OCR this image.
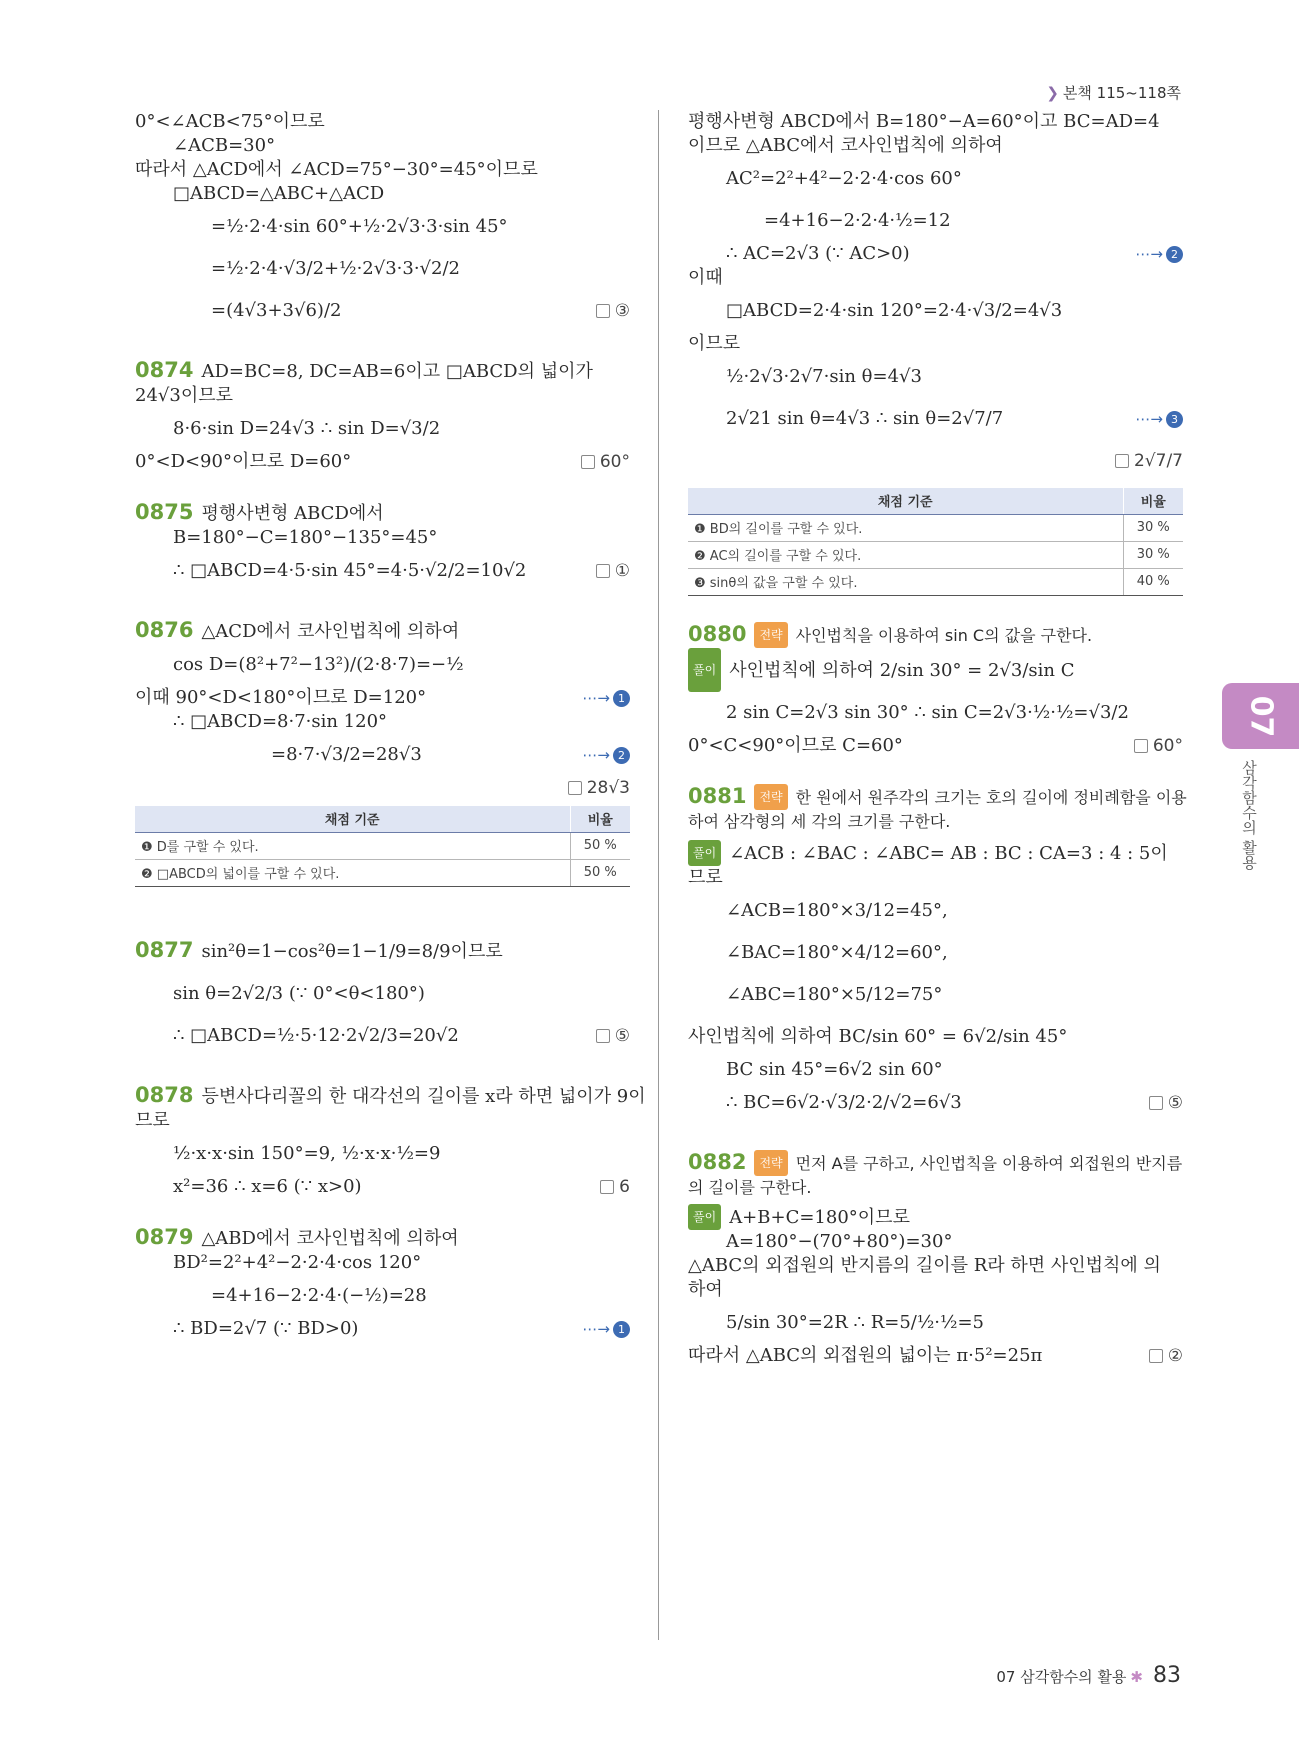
❯ 본책 115~118쪽
0°<∠ACB<75°이므로
∠ACB=30°
따라서 △ACD에서 ∠ACD=75°−30°=45°이므로
□ABCD=△ABC+△ACD
=½·2·4·sin 60°+½·2√3·3·sin 45°
=½·2·4·√3/2+½·2√3·3·√2/2
=(4√3+3√6)/2	③
0874 AD=BC=8, DC=AB=6이고 □ABCD의 넓이가
24√3이므로
8·6·sin D=24√3 ∴ sin D=√3/2
0°<D<90°이므로 D=60°	60°
0875 평행사변형 ABCD에서
B=180°−C=180°−135°=45°
∴ □ABCD=4·5·sin 45°=4·5·√2/2=10√2	①
0876 △ACD에서 코사인법칙에 의하여
cos D=(8²+7²−13²)/(2·8·7)=−½
이때 90°<D<180°이므로 D=120°	⋯→ 1
∴ □ABCD=8·7·sin 120°
=8·7·√3/2=28√3	⋯→ 2
28√3
채점 기준	비율
❶ D를 구할 수 있다.	50 %
❷ □ABCD의 넓이를 구할 수 있다.	50 %
0877 sin²θ=1−cos²θ=1−1/9=8/9이므로
sin θ=2√2/3 (∵ 0°<θ<180°)
∴ □ABCD=½·5·12·2√2/3=20√2	⑤
0878 등변사다리꼴의 한 대각선의 길이를 x라 하면 넓이가 9이
므로
½·x·x·sin 150°=9, ½·x·x·½=9
x²=36 ∴ x=6 (∵ x>0)	6
0879 △ABD에서 코사인법칙에 의하여
BD²=2²+4²−2·2·4·cos 120°
=4+16−2·2·4·(−½)=28
∴ BD=2√7 (∵ BD>0)	⋯→ 1
평행사변형 ABCD에서 B=180°−A=60°이고 BC=AD=4
이므로 △ABC에서 코사인법칙에 의하여
AC²=2²+4²−2·2·4·cos 60°
=4+16−2·2·4·½=12
∴ AC=2√3 (∵ AC>0)	⋯→ 2
이때
□ABCD=2·4·sin 120°=2·4·√3/2=4√3
이므로
½·2√3·2√7·sin θ=4√3
2√21 sin θ=4√3 ∴ sin θ=2√7/7	⋯→ 3
2√7/7
채점 기준	비율
❶ BD의 길이를 구할 수 있다.	30 %
❷ AC의 길이를 구할 수 있다.	30 %
❸ sinθ의 값을 구할 수 있다.	40 %
0880 전략 사인법칙을 이용하여 sin C의 값을 구한다.
풀이 사인법칙에 의하여 2/sin 30° = 2√3/sin C
2 sin C=2√3 sin 30° ∴ sin C=2√3·½·½=√3/2
0°<C<90°이므로 C=60°	60°
0881 전략 한 원에서 원주각의 크기는 호의 길이에 정비례함을 이용
하여 삼각형의 세 각의 크기를 구한다.
풀이 ∠ACB : ∠BAC : ∠ABC= AB : BC : CA=3 : 4 : 5이
므로
∠ACB=180°×3/12=45°,
∠BAC=180°×4/12=60°,
∠ABC=180°×5/12=75°
사인법칙에 의하여 BC/sin 60° = 6√2/sin 45°
BC sin 45°=6√2 sin 60°
∴ BC=6√2·√3/2·2/√2=6√3	⑤
0882 전략 먼저 A를 구하고, 사인법칙을 이용하여 외접원의 반지름
의 길이를 구한다.
풀이 A+B+C=180°이므로
A=180°−(70°+80°)=30°
△ABC의 외접원의 반지름의 길이를 R라 하면 사인법칙에 의
하여
5/sin 30°=2R ∴ R=5/½·½=5
따라서 △ABC의 외접원의 넓이는 π·5²=25π	②
07
삼각함수의 활용
07 삼각함수의 활용 ✱ 83
